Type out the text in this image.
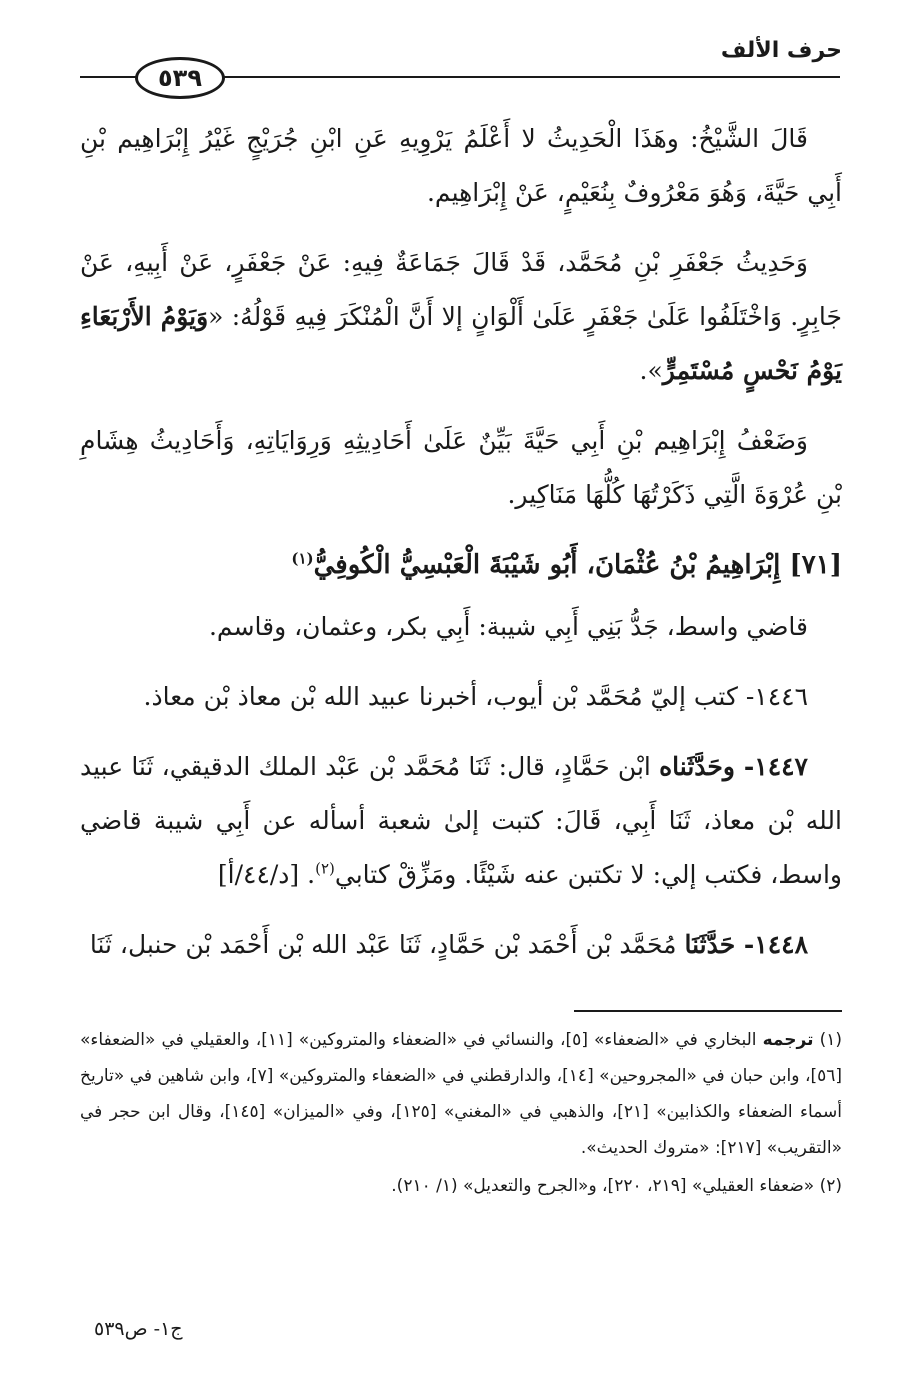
حرف الألف
٥٣٩

قَالَ الشَّيْخُ: وهَذَا الْحَدِيثُ لا أَعْلَمُ يَرْوِيهِ عَنِ ابْنِ جُرَيْجٍ غَيْرُ إِبْرَاهِيم بْنِ أَبِي حَيَّةَ، وَهُوَ مَعْرُوفٌ بِنُعَيْمٍ، عَنْ إِبْرَاهِيم.

وَحَدِيثُ جَعْفَرِ بْنِ مُحَمَّد، قَدْ قَالَ جَمَاعَةٌ فِيهِ: عَنْ جَعْفَرٍ، عَنْ أَبِيهِ، عَنْ جَابِرٍ. وَاخْتَلَفُوا عَلَىٰ جَعْفَرٍ عَلَىٰ أَلْوَانٍ إلا أَنَّ الْمُنْكَرَ فِيهِ قَوْلُهُ: «وَيَوْمُ الأَرْبَعَاءِ يَوْمُ نَحْسٍ مُسْتَمِرٍّ».

وَضَعْفُ إِبْرَاهِيم بْنِ أَبِي حَيَّةَ بَيِّنٌ عَلَىٰ أَحَادِيثِهِ وَرِوَايَاتِهِ، وَأَحَادِيثُ هِشَامِ بْنِ عُرْوَةَ الَّتِي ذَكَرْتُهَا كُلُّهَا مَنَاكِير.

[٧١] إِبْرَاهِيمُ بْنُ عُثْمَانَ، أَبُو شَيْبَةَ الْعَبْسِيُّ الْكُوفِيُّ$^{(١)}$

قاضي واسط، جَدُّ بَنِي أَبِي شيبة: أَبِي بكر، وعثمان، وقاسم.

١٤٤٦- كتب إليّ مُحَمَّد بْن أيوب، أخبرنا عبيد الله بْن معاذ بْن معاذ.

١٤٤٧- وحَدَّثَناه ابْن حَمَّادٍ، قال: ثَنَا مُحَمَّد بْن عَبْد الملك الدقيقي، ثَنَا عبيد الله بْن معاذ، ثَنَا أَبِي، قَالَ: كتبت إلىٰ شعبة أسأله عن أَبِي شيبة قاضي واسط، فكتب إلي: لا تكتبن عنه شَيْئًا. ومَزِّقْ كتابي$^{(٢)}$. [د/٤٤/أ]

١٤٤٨- حَدَّثَنَا مُحَمَّد بْن أَحْمَد بْن حَمَّادٍ، ثَنَا عَبْد الله بْن أَحْمَد بْن حنبل، ثَنَا

(١) ترجمه البخاري في «الضعفاء» [٥]، والنسائي في «الضعفاء والمتروكين» [١١]، والعقيلي في «الضعفاء» [٥٦]، وابن حبان في «المجروحين» [١٤]، والدارقطني في «الضعفاء والمتروكين» [٧]، وابن شاهين في «تاريخ أسماء الضعفاء والكذابين» [٢١]، والذهبي في «المغني» [١٢٥]، وفي «الميزان» [١٤٥]، وقال ابن حجر في «التقريب» [٢١٧]: «متروك الحديث».

(٢) «ضعفاء العقيلي» [٢١٩، ٢٢٠]، و«الجرح والتعديل» (١/ ٢١٠).

ج١- ص٥٣٩
